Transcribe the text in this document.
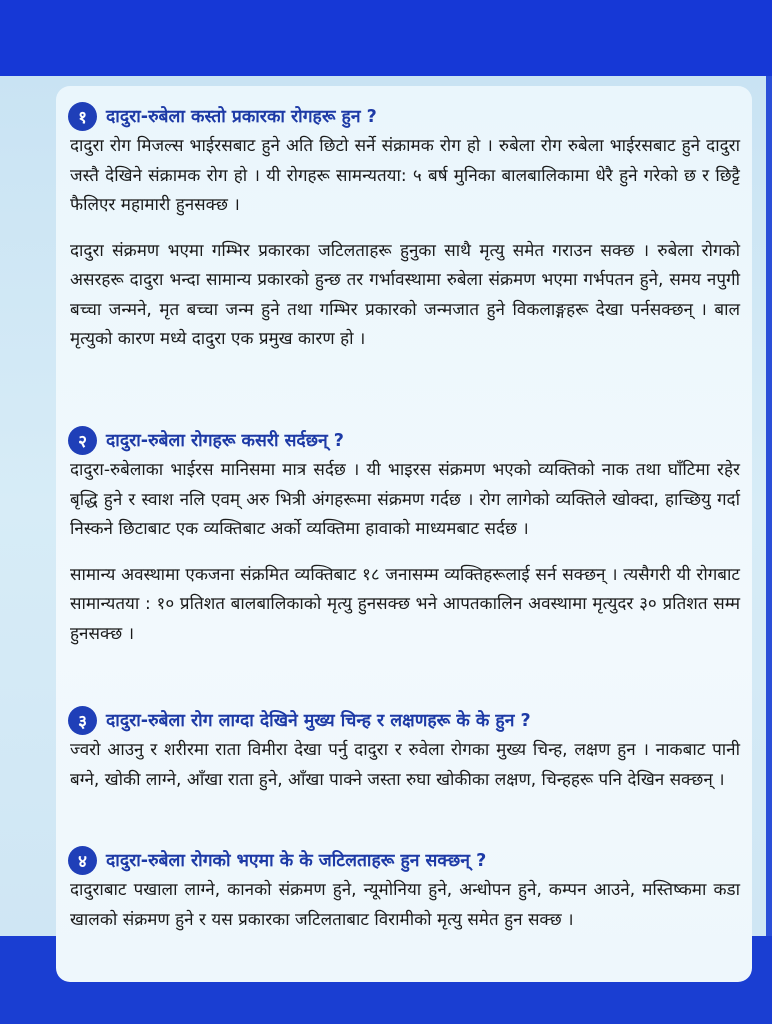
१	दादुरा-रुबेला कस्तो प्रकारका रोगहरू हुन ?

दादुरा रोग मिजल्स भाईरसबाट हुने अति छिटो सर्ने संक्रामक रोग हो । रुबेला रोग रुबेला भाईरसबाट हुने दादुरा जस्तै देखिने संक्रामक रोग हो । यी रोगहरू सामन्यतया: ५ बर्ष मुनिका बालबालिकामा धेरै हुने गरेको छ र छिट्टै फैलिएर महामारी हुनसक्छ ।

दादुरा संक्रमण भएमा गम्भिर प्रकारका जटिलताहरू हुनुका साथै मृत्यु समेत गराउन सक्छ । रुबेला रोगको असरहरू दादुरा भन्दा सामान्य प्रकारको हुन्छ तर गर्भावस्थामा रुबेला संक्रमण भएमा गर्भपतन हुने, समय नपुगी बच्चा जन्मने, मृत बच्चा जन्म हुने तथा गम्भिर प्रकारको जन्मजात हुने विकलाङ्गहरू देखा पर्नसक्छन् । बाल मृत्युको कारण मध्ये दादुरा एक प्रमुख कारण हो ।

२	दादुरा-रुबेला रोगहरू कसरी सर्दछन् ?

दादुरा-रुबेलाका भाईरस मानिसमा मात्र सर्दछ । यी भाइरस संक्रमण भएको व्यक्तिको नाक तथा घाँटिमा रहेर बृद्धि हुने र स्वाश नलि एवम् अरु भित्री अंगहरूमा संक्रमण गर्दछ । रोग लागेको व्यक्तिले खोक्दा, हाच्छियु गर्दा निस्कने छिटाबाट एक व्यक्तिबाट अर्को व्यक्तिमा हावाको माध्यमबाट सर्दछ ।

सामान्य अवस्थामा एकजना संक्रमित व्यक्तिबाट १८ जनासम्म व्यक्तिहरूलाई सर्न सक्छन् । त्यसैगरी यी रोगबाट सामान्यतया : १० प्रतिशत बालबालिकाको मृत्यु हुनसक्छ भने आपतकालिन अवस्थामा मृत्युदर ३० प्रतिशत सम्म हुनसक्छ ।

३	दादुरा-रुबेला रोग लाग्दा देखिने मुख्य चिन्ह र लक्षणहरू के के हुन ?

ज्वरो आउनु र शरीरमा राता विमीरा देखा पर्नु दादुरा र रुवेला रोगका मुख्य चिन्ह, लक्षण हुन । नाकबाट पानी बग्ने, खोकी लाग्ने, आँखा राता हुने, आँखा पाक्ने जस्ता रुघा खोकीका लक्षण, चिन्हहरू पनि देखिन सक्छन् ।

४	दादुरा-रुबेला रोगको भएमा के के जटिलताहरू हुन सक्छन् ?

दादुराबाट पखाला लाग्ने, कानको संक्रमण हुने, न्यूमोनिया हुने, अन्धोपन हुने, कम्पन आउने, मस्तिष्कमा कडा खालको संक्रमण हुने र यस प्रकारका जटिलताबाट विरामीको मृत्यु समेत हुन सक्छ ।
